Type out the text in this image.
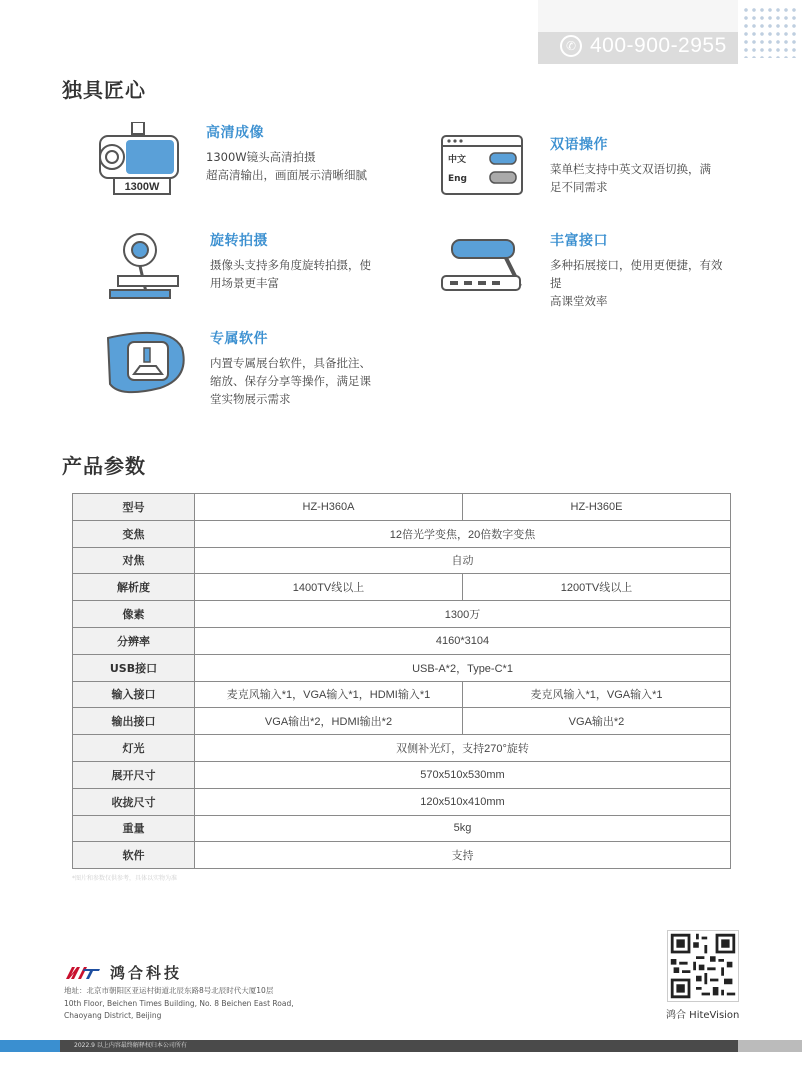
✆ 400-900-2955
独具匠心
1300W
高清成像

1300W镜头高清拍摄
超高清输出，画面展示清晰细腻

中文
Eng
双语操作

菜单栏支持中英文双语切换，满
足不同需求

旋转拍摄

摄像头支持多角度旋转拍摄，使
用场景更丰富

丰富接口

多种拓展接口，使用更便捷，有效提
高课堂效率

专属软件

内置专属展台软件，具备批注、
缩放、保存分享等操作，满足课
堂实物展示需求

产品参数
型号	HZ-H360A	HZ-H360E
变焦	12倍光学变焦，20倍数字变焦	
对焦	自动	
解析度	1400TV线以上	1200TV线以上
像素	1300万	
分辨率	4160*3104	
USB接口	USB-A*2，Type-C*1	
输入接口	麦克风输入*1，VGA输入*1，HDMI输入*1	麦克风输入*1，VGA输入*1
输出接口	VGA输出*2，HDMI输出*2	VGA输出*2
灯光	双侧补光灯，支持270°旋转	
展开尺寸	570x510x530mm	
收拢尺寸	120x510x410mm	
重量	5kg	
软件	支持	
*图片和参数仅供参考，具体以实物为准
鸿合科技
地址：北京市朝阳区亚运村街道北辰东路8号北辰时代大厦10层
10th Floor, Beichen Times Building, No. 8 Beichen East Road,
Chaoyang District, Beijing	鸿合 HiteVision
2022.9 以上内容最终解释权归本公司所有
